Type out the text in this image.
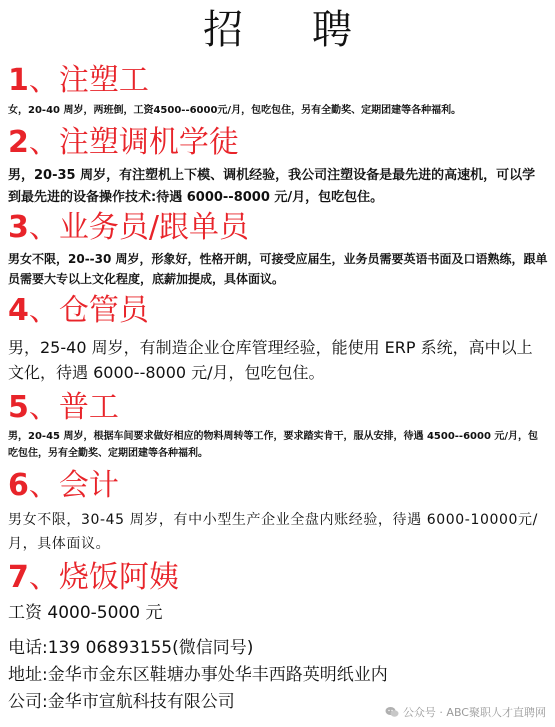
招 聘
1、注塑工

女，20-40 周岁，两班倒，工资4500--6000元/月，包吃包住，另有全勤奖、定期团建等各种福利。

2、注塑调机学徒

男，20-35 周岁，有注塑机上下模、调机经验，我公司注塑设备是最先进的高速机，可以学到最先进的设备操作技术:待遇 6000--8000 元/月，包吃包住。

3、业务员/跟单员

男女不限，20--30 周岁，形象好，性格开朗，可接受应届生，业务员需要英语书面及口语熟练，跟单员需要大专以上文化程度，底薪加提成，具体面议。

4、仓管员

男，25-40 周岁，有制造企业仓库管理经验，能使用 ERP 系统，高中以上文化，待遇 6000--8000 元/月，包吃包住。

5、普工

男，20-45 周岁，根据车间要求做好相应的物料周转等工作，要求踏实肯干，服从安排，待遇 4500--6000 元/月，包吃包住，另有全勤奖、定期团建等各种福利。

6、会计

男女不限，30-45 周岁，有中小型生产企业全盘内账经验，待遇 6000-10000元/月，具体面议。

7、烧饭阿姨

工资 4000-5000 元

电话:139 06893155(微信同号)

地址:金华市金东区鞋塘办事处华丰西路英明纸业内

公司:金华市宣航科技有限公司

公众号 · ABC聚职人才直聘网
